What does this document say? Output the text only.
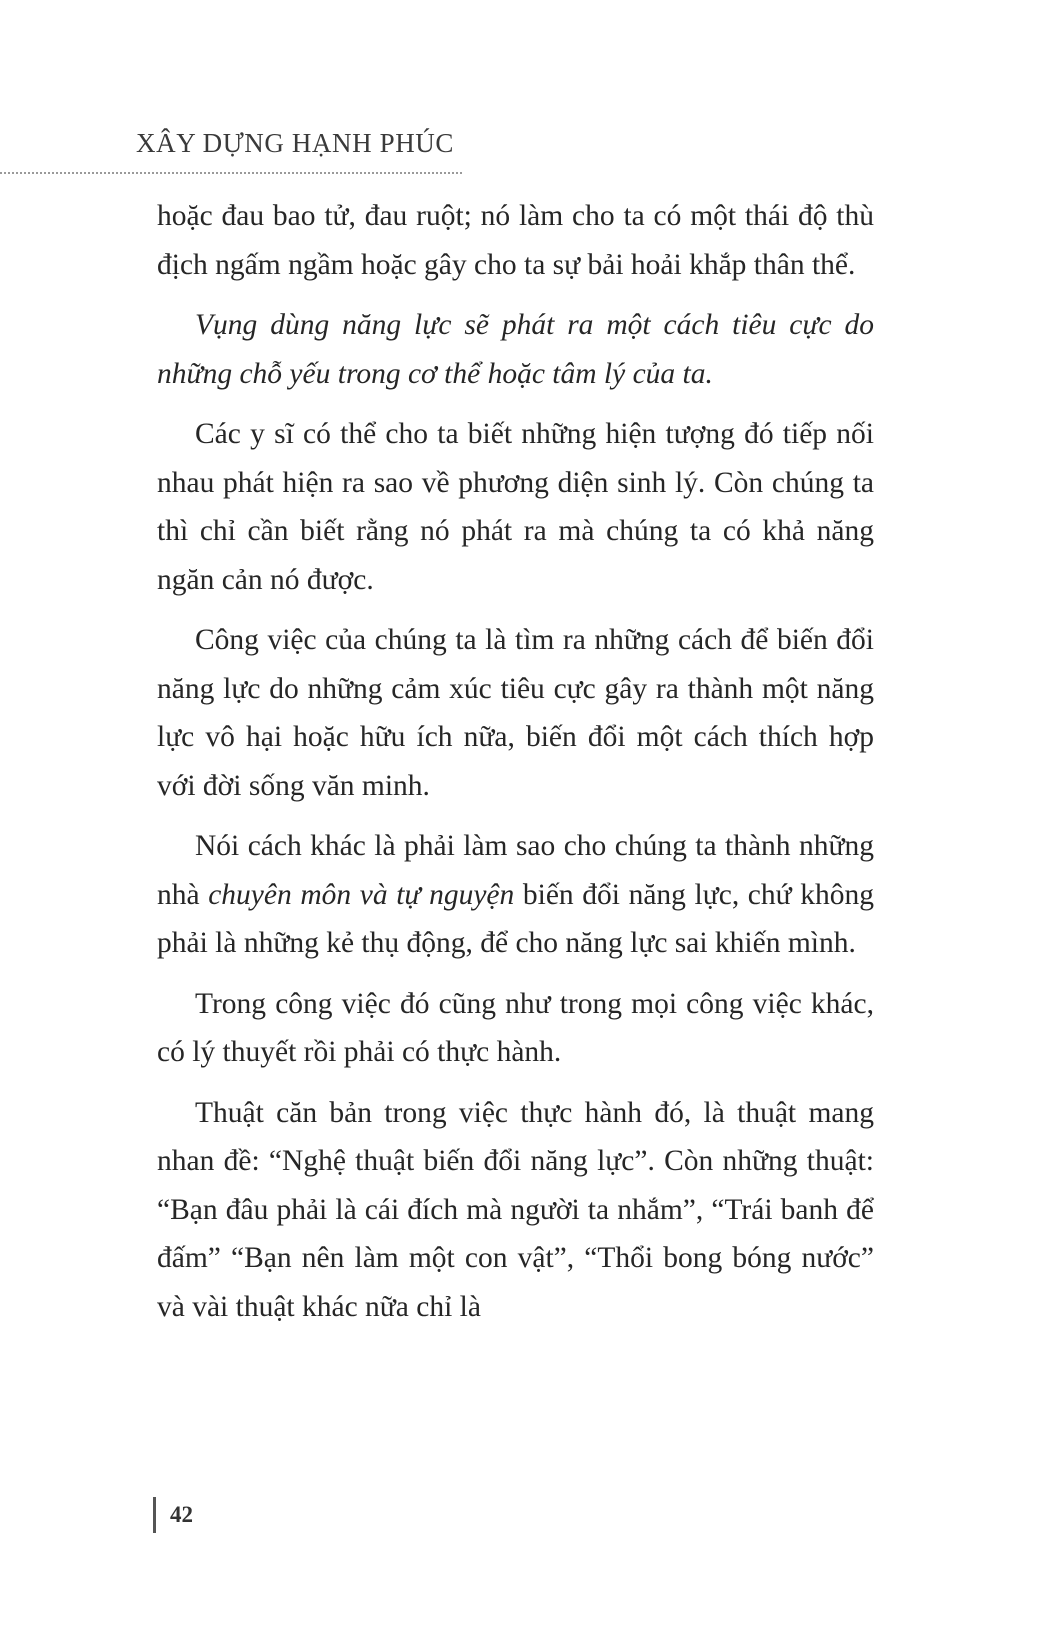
XÂY DỰNG HẠNH PHÚC

hoặc đau bao tử, đau ruột; nó làm cho ta có một thái độ thù địch ngấm ngầm hoặc gây cho ta sự bải hoải khắp thân thể.

Vụng dùng năng lực sẽ phát ra một cách tiêu cực do những chỗ yếu trong cơ thể hoặc tâm lý của ta.

Các y sĩ có thể cho ta biết những hiện tượng đó tiếp nối nhau phát hiện ra sao về phương diện sinh lý. Còn chúng ta thì chỉ cần biết rằng nó phát ra mà chúng ta có khả năng ngăn cản nó được.

Công việc của chúng ta là tìm ra những cách để biến đổi năng lực do những cảm xúc tiêu cực gây ra thành một năng lực vô hại hoặc hữu ích nữa, biến đổi một cách thích hợp với đời sống văn minh.

Nói cách khác là phải làm sao cho chúng ta thành những nhà chuyên môn và tự nguyện biến đổi năng lực, chứ không phải là những kẻ thụ động, để cho năng lực sai khiến mình.

Trong công việc đó cũng như trong mọi công việc khác, có lý thuyết rồi phải có thực hành.

Thuật căn bản trong việc thực hành đó, là thuật mang nhan đề: “Nghệ thuật biến đổi năng lực”. Còn những thuật: “Bạn đâu phải là cái đích mà người ta nhắm”, “Trái banh để đấm” “Bạn nên làm một con vật”, “Thổi bong bóng nước” và vài thuật khác nữa chỉ là

42
